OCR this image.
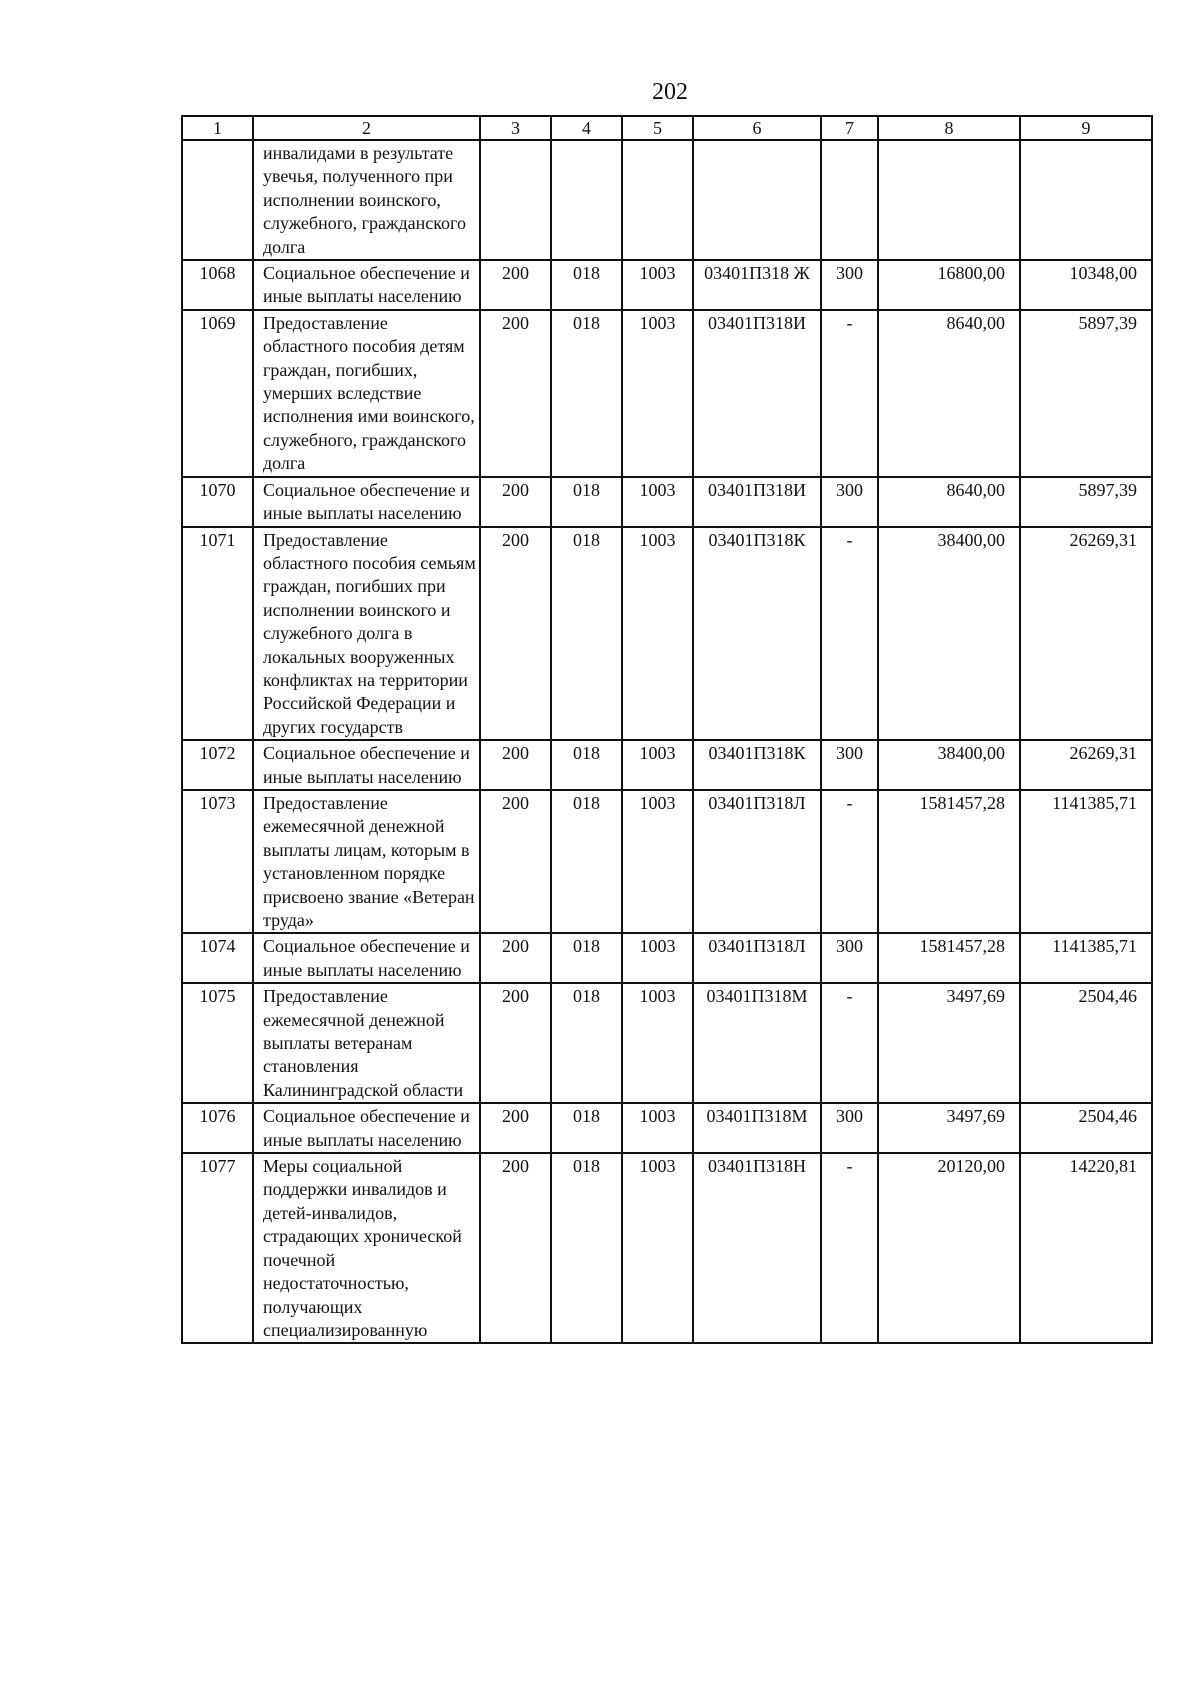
202
1	2	3	4	5	6	7	8	9
	инвалидами в результате увечья, полученного при исполнении воинского, служебного, гражданского долга							
1068	Социальное обеспечение и иные выплаты населению	200	018	1003	03401П318 Ж	300	16800,00	10348,00
1069	Предоставление областного пособия детям граждан, погибших, умерших вследствие исполнения ими воинского, служебного, гражданского долга	200	018	1003	03401П318И	-	8640,00	5897,39
1070	Социальное обеспечение и иные выплаты населению	200	018	1003	03401П318И	300	8640,00	5897,39
1071	Предоставление областного пособия семьям граждан, погибших при исполнении воинского и служебного долга в локальных вооруженных конфликтах на территории Российской Федерации и других государств	200	018	1003	03401П318К	-	38400,00	26269,31
1072	Социальное обеспечение и иные выплаты населению	200	018	1003	03401П318К	300	38400,00	26269,31
1073	Предоставление ежемесячной денежной выплаты лицам, которым в установленном порядке присвоено звание «Ветеран труда»	200	018	1003	03401П318Л	-	1581457,28	1141385,71
1074	Социальное обеспечение и иные выплаты населению	200	018	1003	03401П318Л	300	1581457,28	1141385,71
1075	Предоставление ежемесячной денежной выплаты ветеранам становления Калининградской области	200	018	1003	03401П318М	-	3497,69	2504,46
1076	Социальное обеспечение и иные выплаты населению	200	018	1003	03401П318М	300	3497,69	2504,46
1077	Меры социальной поддержки инвалидов и детей-инвалидов, страдающих хронической почечной недостаточностью, получающих специализированную	200	018	1003	03401П318Н	-	20120,00	14220,81
